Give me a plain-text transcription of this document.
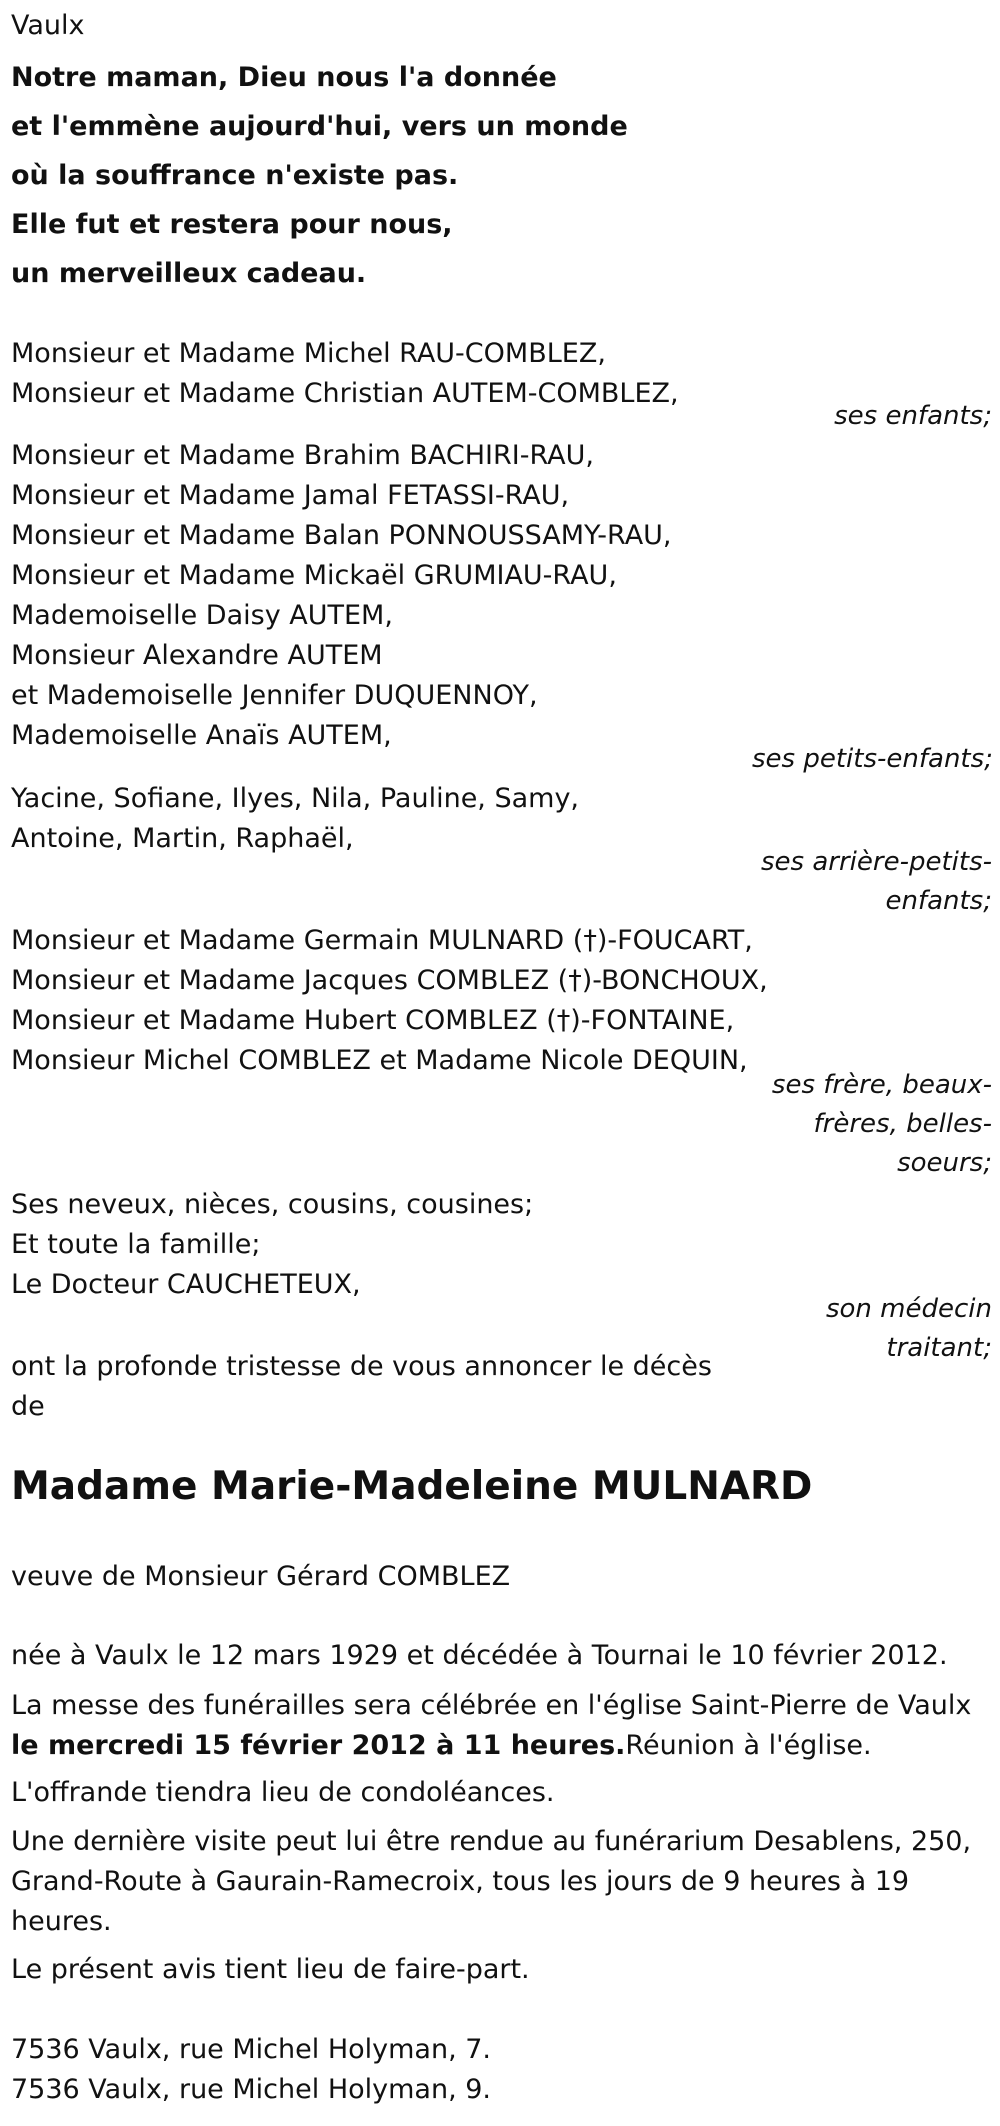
Vaulx
Notre maman, Dieu nous l'a donnée
et l'emmène aujourd'hui, vers un monde
où la souffrance n'existe pas.
Elle fut et restera pour nous,
un merveilleux cadeau.
Monsieur et Madame Michel RAU-COMBLEZ,
Monsieur et Madame Christian AUTEM-COMBLEZ,
ses enfants;
Monsieur et Madame Brahim BACHIRI-RAU,
Monsieur et Madame Jamal FETASSI-RAU,
Monsieur et Madame Balan PONNOUSSAMY-RAU,
Monsieur et Madame Mickaël GRUMIAU-RAU,
Mademoiselle Daisy AUTEM,
Monsieur Alexandre AUTEM
et Mademoiselle Jennifer DUQUENNOY,
Mademoiselle Anaïs AUTEM,
ses petits-enfants;
Yacine, Sofiane, Ilyes, Nila, Pauline, Samy,
Antoine, Martin, Raphaël,
ses arrière-petits-
enfants;
Monsieur et Madame Germain MULNARD (†)-FOUCART,
Monsieur et Madame Jacques COMBLEZ (†)-BONCHOUX,
Monsieur et Madame Hubert COMBLEZ (†)-FONTAINE,
Monsieur Michel COMBLEZ et Madame Nicole DEQUIN,
ses frère, beaux-
frères, belles-
soeurs;
Ses neveux, nièces, cousins, cousines;
Et toute la famille;
Le Docteur CAUCHETEUX,
son médecin
traitant;
ont la profonde tristesse de vous annoncer le décès
de
Madame Marie-Madeleine MULNARD
veuve de Monsieur Gérard COMBLEZ
née à Vaulx le 12 mars 1929 et décédée à Tournai le 10 février 2012.
La messe des funérailles sera célébrée en l'église Saint-Pierre de Vaulx le mercredi 15 février 2012 à 11 heures.Réunion à l'église.
L'offrande tiendra lieu de condoléances.
Une dernière visite peut lui être rendue au funérarium Desablens, 250, Grand-Route à Gaurain-Ramecroix, tous les jours de 9 heures à 19 heures.
Le présent avis tient lieu de faire-part.
7536 Vaulx, rue Michel Holyman, 7.
7536 Vaulx, rue Michel Holyman, 9.
